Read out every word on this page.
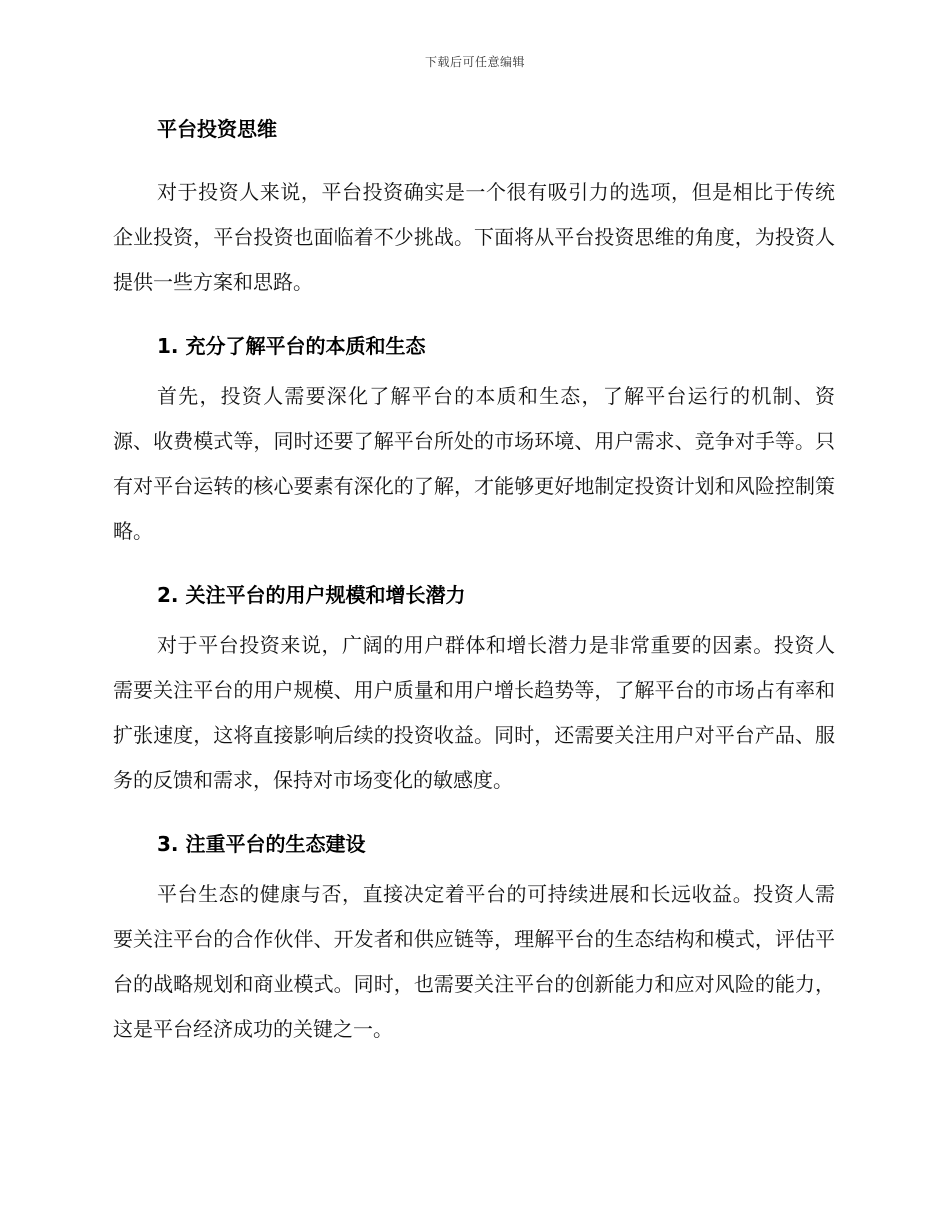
下载后可任意编辑
平台投资思维

对于投资人来说，平台投资确实是一个很有吸引力的选项，但是相比于传统企业投资，平台投资也面临着不少挑战。下面将从平台投资思维的角度，为投资人提供一些方案和思路。

1. 充分了解平台的本质和生态

首先，投资人需要深化了解平台的本质和生态，了解平台运行的机制、资源、收费模式等，同时还要了解平台所处的市场环境、用户需求、竞争对手等。只有对平台运转的核心要素有深化的了解，才能够更好地制定投资计划和风险控制策略。

2. 关注平台的用户规模和增长潜力

对于平台投资来说，广阔的用户群体和增长潜力是非常重要的因素。投资人需要关注平台的用户规模、用户质量和用户增长趋势等，了解平台的市场占有率和扩张速度，这将直接影响后续的投资收益。同时，还需要关注用户对平台产品、服务的反馈和需求，保持对市场变化的敏感度。

3. 注重平台的生态建设

平台生态的健康与否，直接决定着平台的可持续进展和长远收益。投资人需要关注平台的合作伙伴、开发者和供应链等，理解平台的生态结构和模式，评估平台的战略规划和商业模式。同时，也需要关注平台的创新能力和应对风险的能力，这是平台经济成功的关键之一。
